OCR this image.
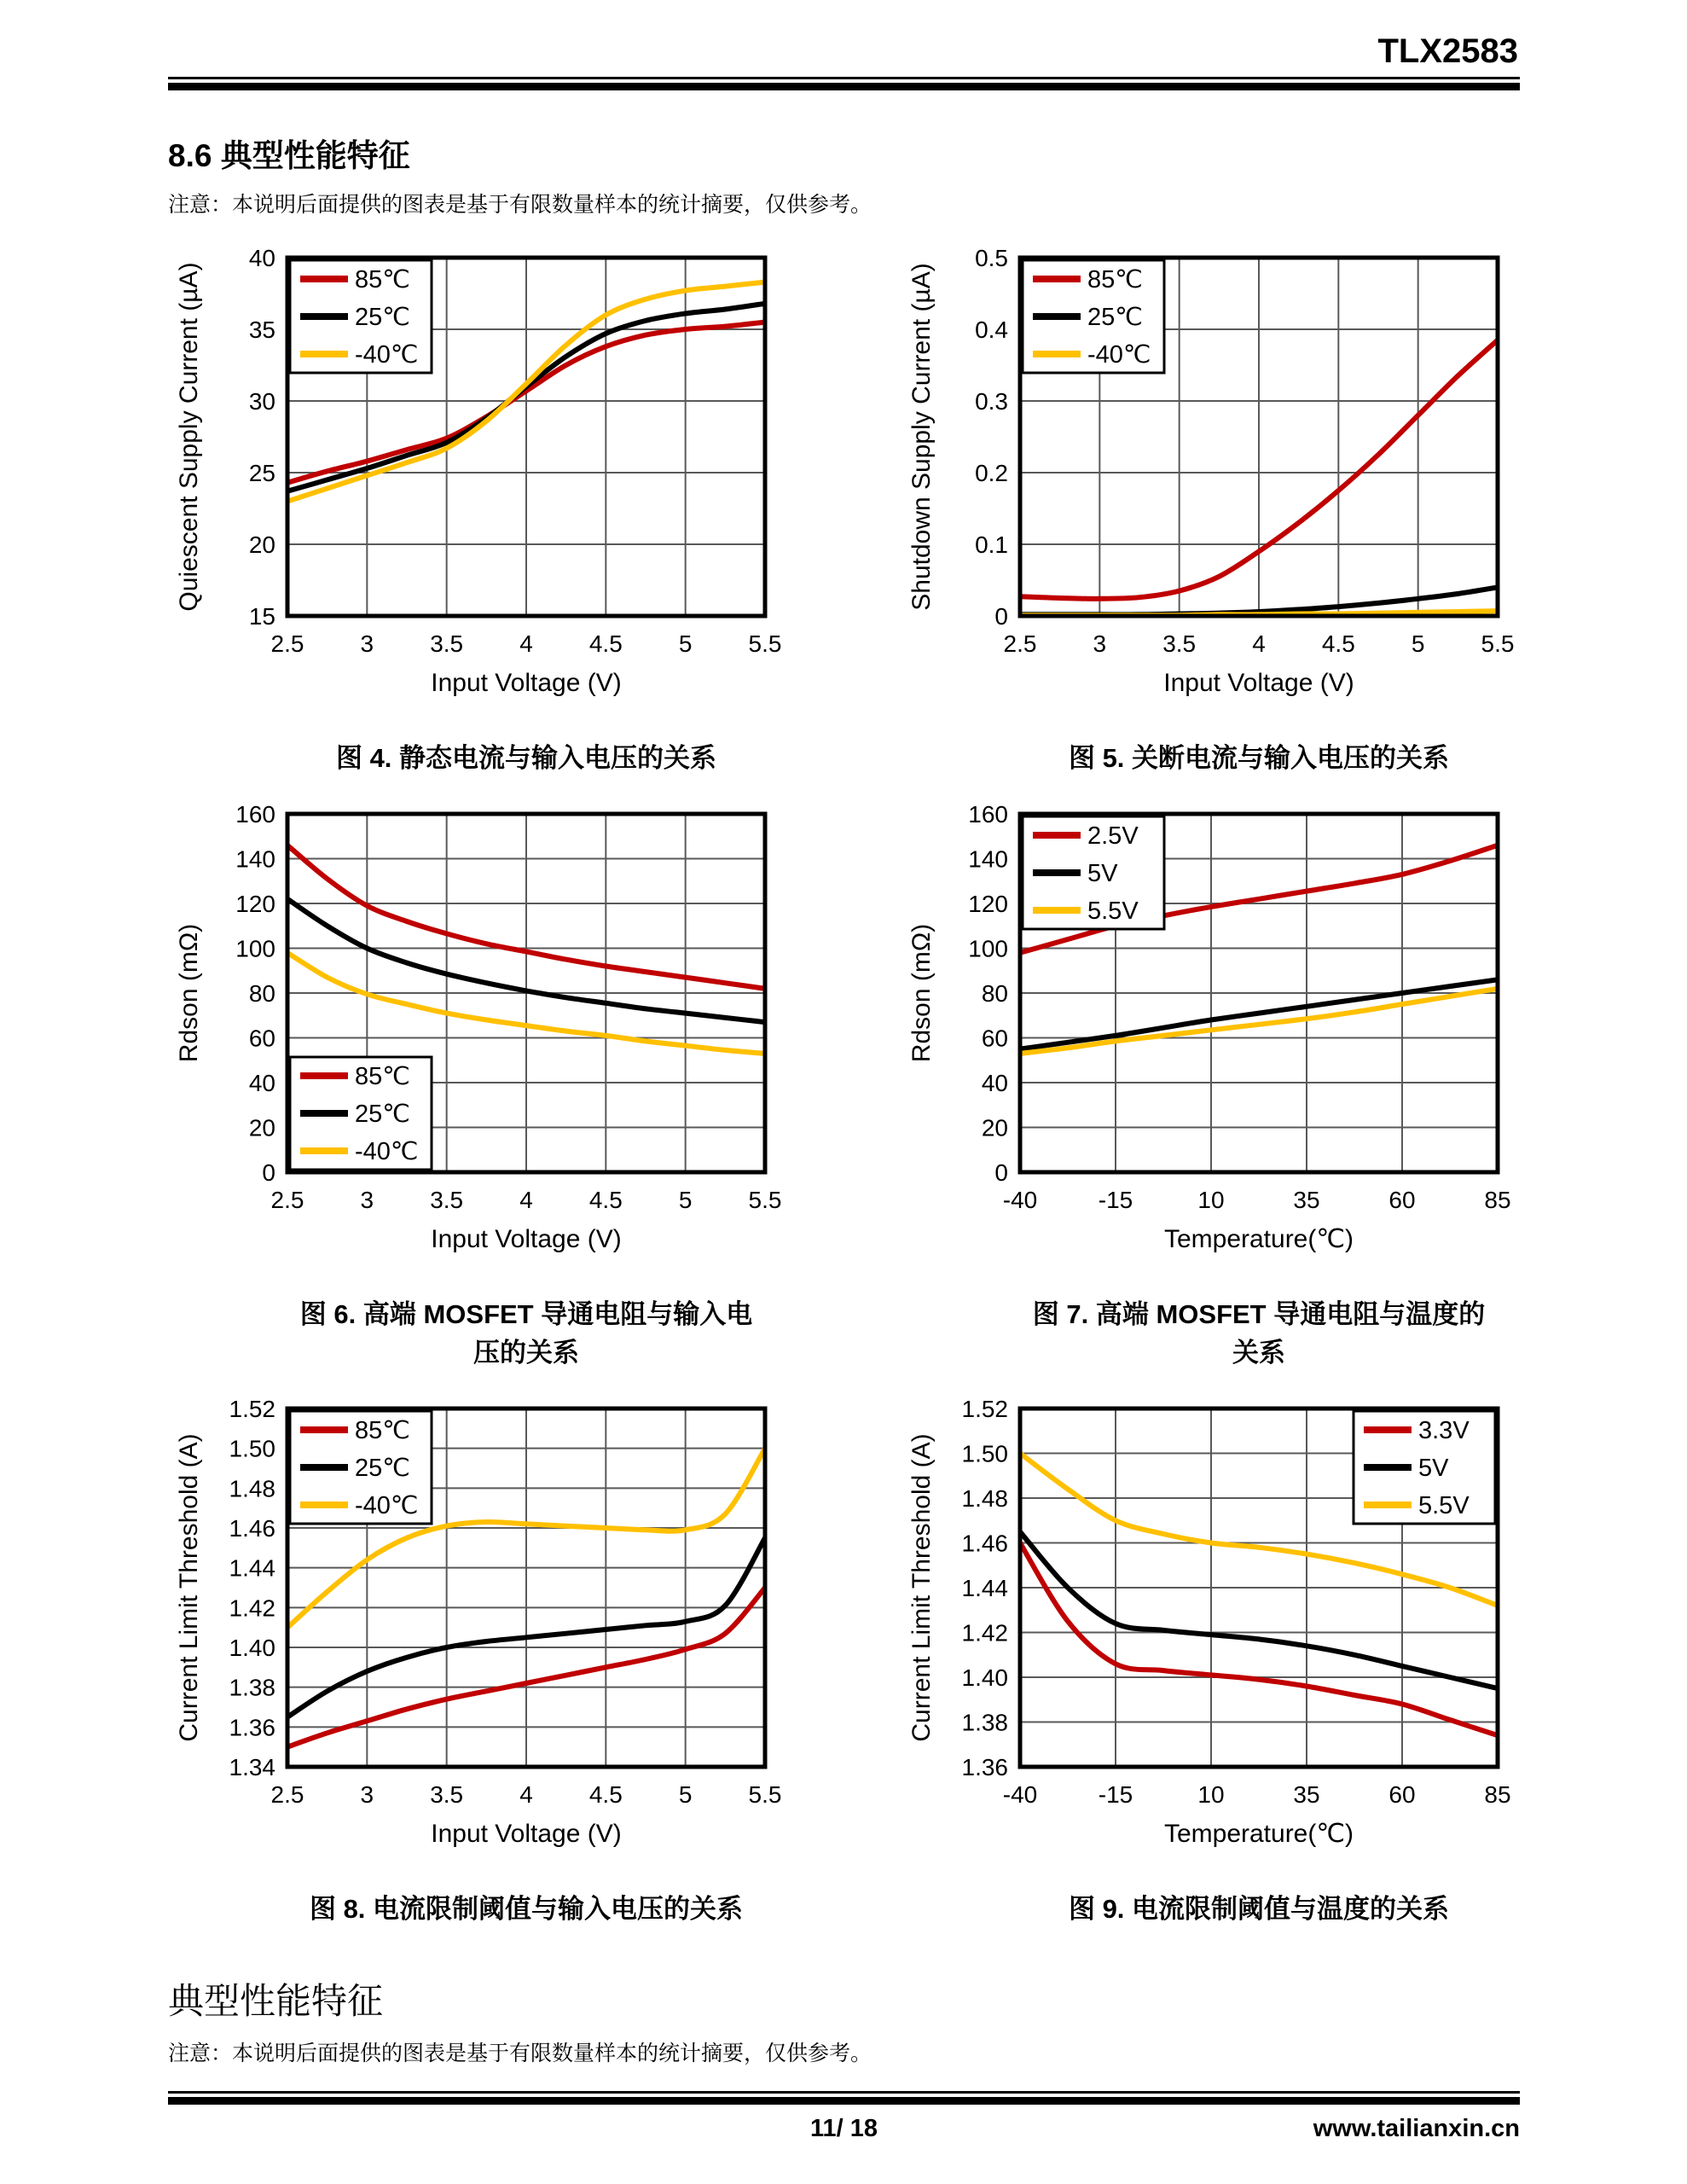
TLX2583
8.6 典型性能特征

注意：本说明后面提供的图表是基于有限数量样本的统计摘要，仅供参考。

2.5 3 3.5 4 4.5 5 5.5
15
20
25
30
35
40
Input Voltage (V)
Quiescent Supply Current (µA)	85℃
25℃
-40℃
图 4. 静态电流与输入电压的关系
2.5 3 3.5 4 4.5 5 5.5
0
0.1
0.2
0.3
0.4
0.5
Input Voltage (V)
Shutdown Supply Current (µA)	85℃
25℃
-40℃
图 5. 关断电流与输入电压的关系
2.5 3 3.5 4 4.5 5 5.5
0
20
40
60
80
100
120
140
160
Input Voltage (V)
Rdson (mΩ)
85℃
25℃
-40℃
图 6. 高端 MOSFET 导通电阻与输入电压的关系
-40	-15	10	35	60	85
0
20
40
60
80
100
120
140
160
Temperature(℃)
Rdson (mΩ)
2.5V
5V
5.5V
图 7. 高端 MOSFET 导通电阻与温度的关系
2.5 3 3.5 4 4.5 5 5.5
1.34
1.36
1.38
1.40
1.42
1.44
1.46
1.48
1.50
1.52
Input Voltage (V)
Current Limit Threshold (A)
85℃
25℃
-40℃
图 8. 电流限制阈值与输入电压的关系
-40	-15	10	35	60	85
1.36
1.38
1.40
1.42
1.44
1.46
1.48
1.50
1.52
Temperature(℃)
Current Limit Threshold (A)
3.3V
5V
5.5V
图 9. 电流限制阈值与温度的关系
典型性能特征

注意：本说明后面提供的图表是基于有限数量样本的统计摘要，仅供参考。

11/ 18	www.tailianxin.cn
